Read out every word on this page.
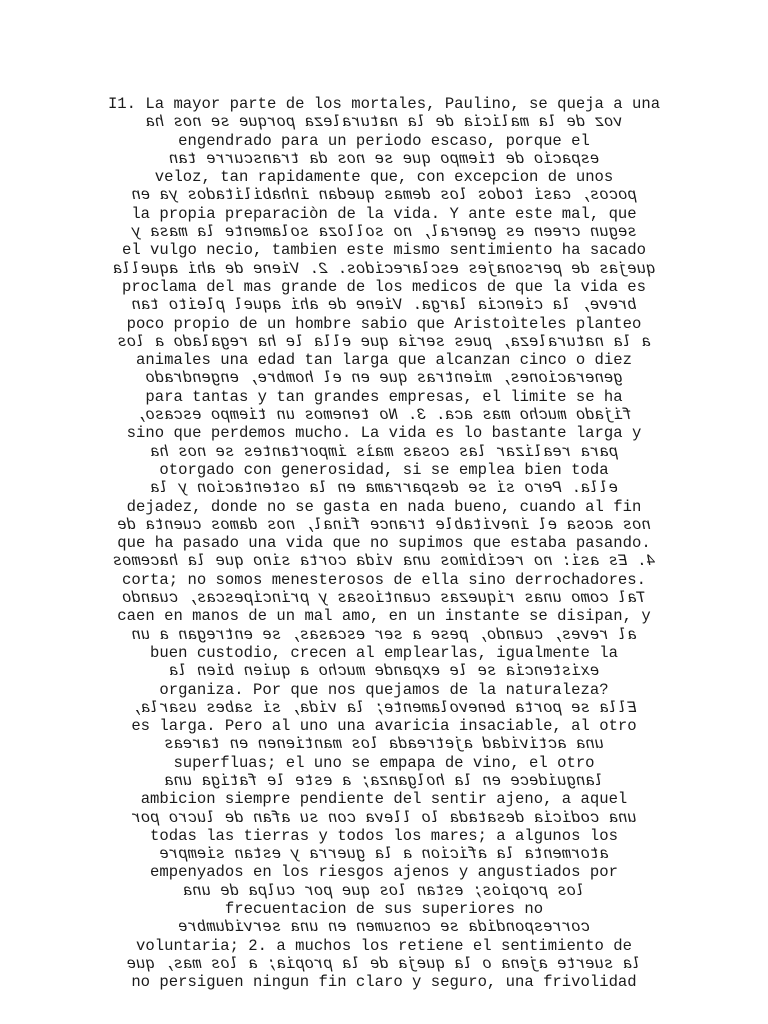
I1. La mayor parte de los mortales, Paulino, se queja a una
voz de la malicia de la naturaleza porque se nos ha
engendrado para un periodo escaso, porque el
espacio de tiempo que se nos da transcurre tan
veloz, tan rapidamente que, con excepcion de unos
pocos, casi todos los demas quedan inhabilitados ya en
la propia preparaciòn de la vida. Y ante este mal, que
segun creen es general, no solloza solamente la masa y
el vulgo necio, tambien este mismo sentimiento ha sacado
quejas de personajes esclarecidos. 2. Viene de ahi aquella
proclama del mas grande de los medicos de que la vida es
breve, la ciencia larga. Viene de ahi aquel pleito tan
poco propio de un hombre sabio que Aristoìteles planteo
a la naturaleza, pues seria que ella le ha regalado a los
animales una edad tan larga que alcanzan cinco o diez
generaciones, mientras que en el hombre, engendrado
para tantas y tan grandes empresas, el limite se ha
fijado mucho mas aca. 3. No tenemos un tiempo escaso,
sino que perdemos mucho. La vida es lo bastante larga y
para realizar las cosas maìs importantes se nos ha
otorgado con generosidad, si se emplea bien toda
ella. Pero si se desparrama en la ostentacion y la
dejadez, donde no se gasta en nada bueno, cuando al fin
nos acosa el inevitable trance final, nos damos cuenta de
que ha pasado una vida que no supimos que estaba pasando.
4. Es asi: no recibimos una vida corta sino que la hacemos
corta; no somos menesterosos de ella sino derrochadores.
Tal como unas riquezas cuantiosas y principescas, cuando
caen en manos de un mal amo, en un instante se disipan, y
al reves, cuando, pese a ser escasas, se entregan a un
buen custodio, crecen al emplearlas, igualmente la
existencia se le expande mucho a quien bien la
organiza. Por que nos quejamos de la naturaleza?
Ella se porta benevolamente; la vida, si sabes usarla,
es larga. Pero al uno una avaricia insaciable, al otro
una actividad ajetreada los mantienen en tareas
superfluas; el uno se empapa de vino, el otro
languidece en la holganza; a este le fatiga una
ambicion siempre pendiente del sentir ajeno, a aquel
una codicia desatada lo lleva con su afan de lucro por
todas las tierras y todos los mares; a algunos los
atormenta la aficion a la guerra y estan siempre
empenyados en los riesgos ajenos y angustiados por
los propios; estan los que por culpa de una
frecuentacion de sus superiores no
correspondida se consumen en una servidumbre
voluntaria; 2. a muchos los retiene el sentimiento de
la suerte ajena o la queja de la propia; a los mas, que
no persiguen ningun fin claro y seguro, una frivolidad
